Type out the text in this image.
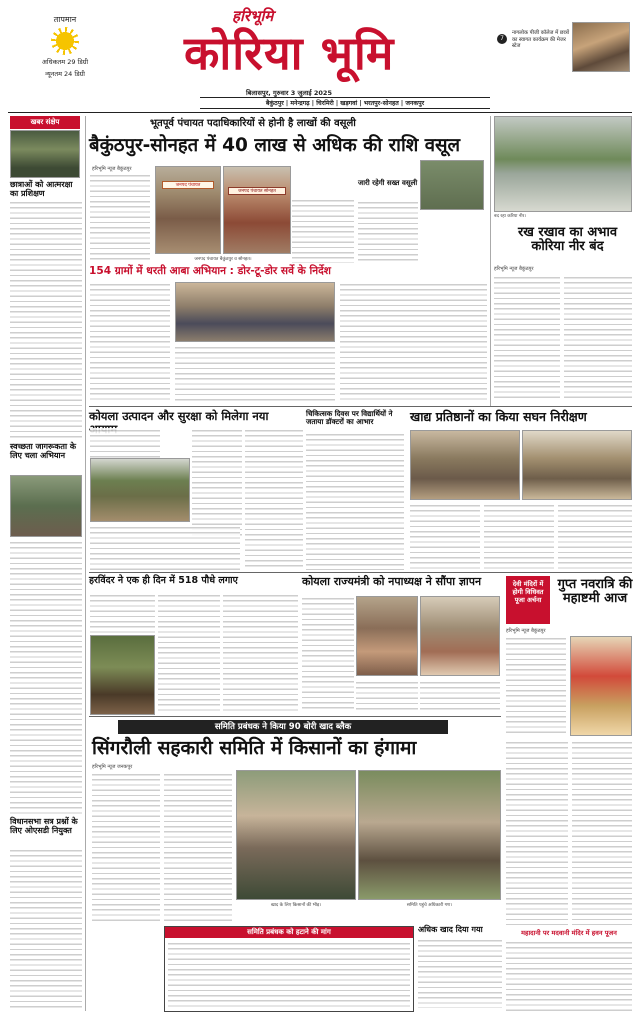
तापमान
अधिकतम 29 डिग्री
न्यूनतम 24 डिग्री
हरिभूमि
कोरिया भूमि	नागलोक पीजी कॉलेज में छात्रों का स्वागत कार्यक्रम की मेजर स्टेज
7
बिलासपुर, गुरुवार 3 जुलाई 2025
बैकुंठपुर | मनेन्द्रगढ़ | चिरमिरी | खड़गवां | भरतपुर-सोनहत | जनकपुर
खबर संक्षेप
छात्राओं को आत्मरक्षा का प्रशिक्षण
स्वच्छता जागरूकता के लिए चला अभियान
विधानसभा सत्र प्रश्नों के लिए ओएसडी नियुक्त
भूतपूर्व पंचायत पदाधिकारियों से होनी है लाखों की वसूली
बैकुंठपुर-सोनहत में 40 लाख से अधिक की राशि वसूल
हरिभूमि न्यूज बैकुंठपुर
जनपद पंचायत
जनपद पंचायत सोनहत
जनपद पंचायत बैकुंठपुर व सोनहत।
जारी रहेगी सख्त वसूली
154 ग्रामों में धरती आबा अभियान : डोर-टू-डोर सर्वे के निर्देश
बद रहा करिया नीर।
रख रखाव का अभाव कोरिया नीर बंद
हरिभूमि न्यूज बैकुंठपुर
कोयला उत्पादन और सुरक्षा को मिलेगा नया	चिकित्सक दिवस पर विद्यार्थियों ने जताया डॉक्टरों का आभार	खाद्य प्रतिष्ठानों का किया सघन निरीक्षण
हरविंदर ने एक ही दिन में 518 पौधे लगाए	कोयला राज्यमंत्री को नपाध्यक्ष ने सौंपा ज्ञापन	देवी मंदिरों में होगी विधिवत पूजा अर्चना
गुप्त नवरात्रि की महाष्टमी आज
हरिभूमि न्यूज बैकुंठपुर
समिति प्रबंधक ने किया 90 बोरी खाद ब्लैक
सिंगरौली सहकारी समिति में किसानों का हंगामा
हरिभूमि न्यूज जनकपुर
खाद के लिए किसानों की भीड़।	समिति पहुंचे अधिकारी गण।
समिति प्रबंधक को हटाने की मांग	अधिक खाद दिया गया	महादानी पर मदवानी मंदिर में हवन पूजन
